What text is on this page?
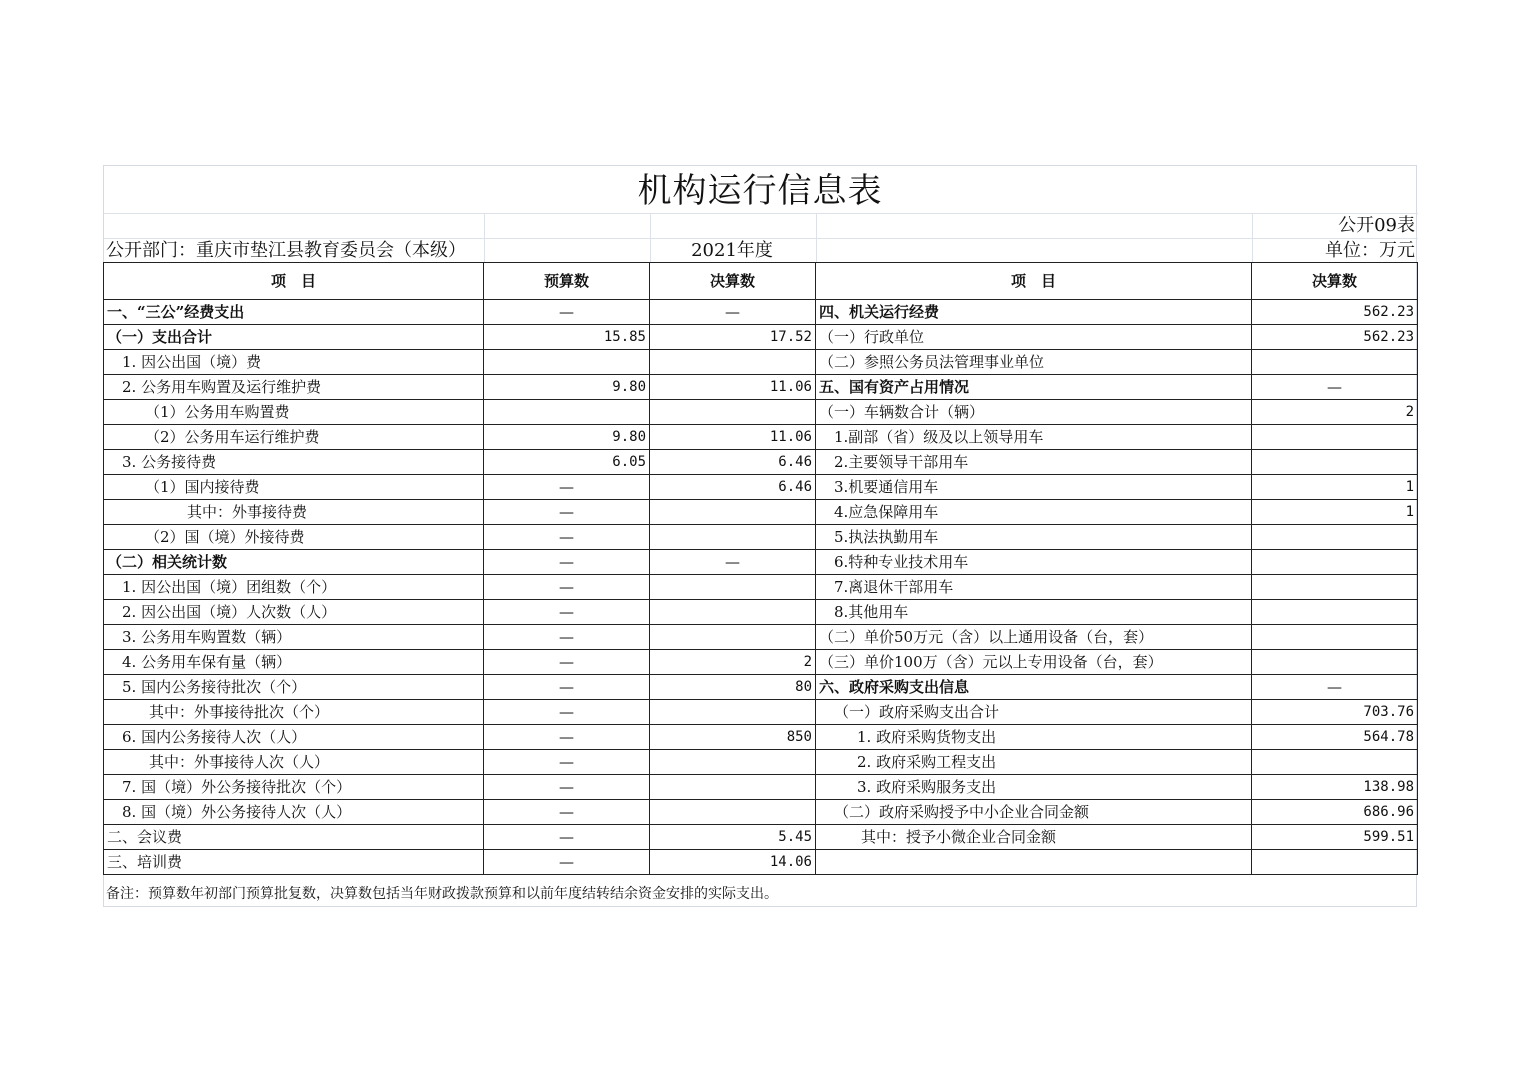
机构运行信息表
公开09表
公开部门：重庆市垫江县教育委员会（本级）	2021年度	单位：万元
项　目	预算数	决算数	项　目	决算数
一、“三公”经费支出	—	—	四、机关运行经费	562.23
（一）支出合计	15.85	17.52	（一）行政单位	562.23
1. 因公出国（境）费			（二）参照公务员法管理事业单位	
2. 公务用车购置及运行维护费	9.80	11.06	五、国有资产占用情况	—
（1）公务用车购置费			（一）车辆数合计（辆）	2
（2）公务用车运行维护费	9.80	11.06	1.副部（省）级及以上领导用车	
3. 公务接待费	6.05	6.46	2.主要领导干部用车	
（1）国内接待费	—	6.46	3.机要通信用车	1
其中：外事接待费	—		4.应急保障用车	1
（2）国（境）外接待费	—		5.执法执勤用车	
（二）相关统计数	—	—	6.特种专业技术用车	
1. 因公出国（境）团组数（个）	—		7.离退休干部用车	
2. 因公出国（境）人次数（人）	—		8.其他用车	
3. 公务用车购置数（辆）	—		（二）单价50万元（含）以上通用设备（台，套）	
4. 公务用车保有量（辆）	—	2	（三）单价100万（含）元以上专用设备（台，套）	
5. 国内公务接待批次（个）	—	80	六、政府采购支出信息	—
其中：外事接待批次（个）	—		（一）政府采购支出合计	703.76
6. 国内公务接待人次（人）	—	850	1. 政府采购货物支出	564.78
其中：外事接待人次（人）	—		2. 政府采购工程支出	
7. 国（境）外公务接待批次（个）	—		3. 政府采购服务支出	138.98
8. 国（境）外公务接待人次（人）	—		（二）政府采购授予中小企业合同金额	686.96
二、会议费	—	5.45	其中：授予小微企业合同金额	599.51
三、培训费	—	14.06		
备注：预算数年初部门预算批复数，决算数包括当年财政拨款预算和以前年度结转结余资金安排的实际支出。
